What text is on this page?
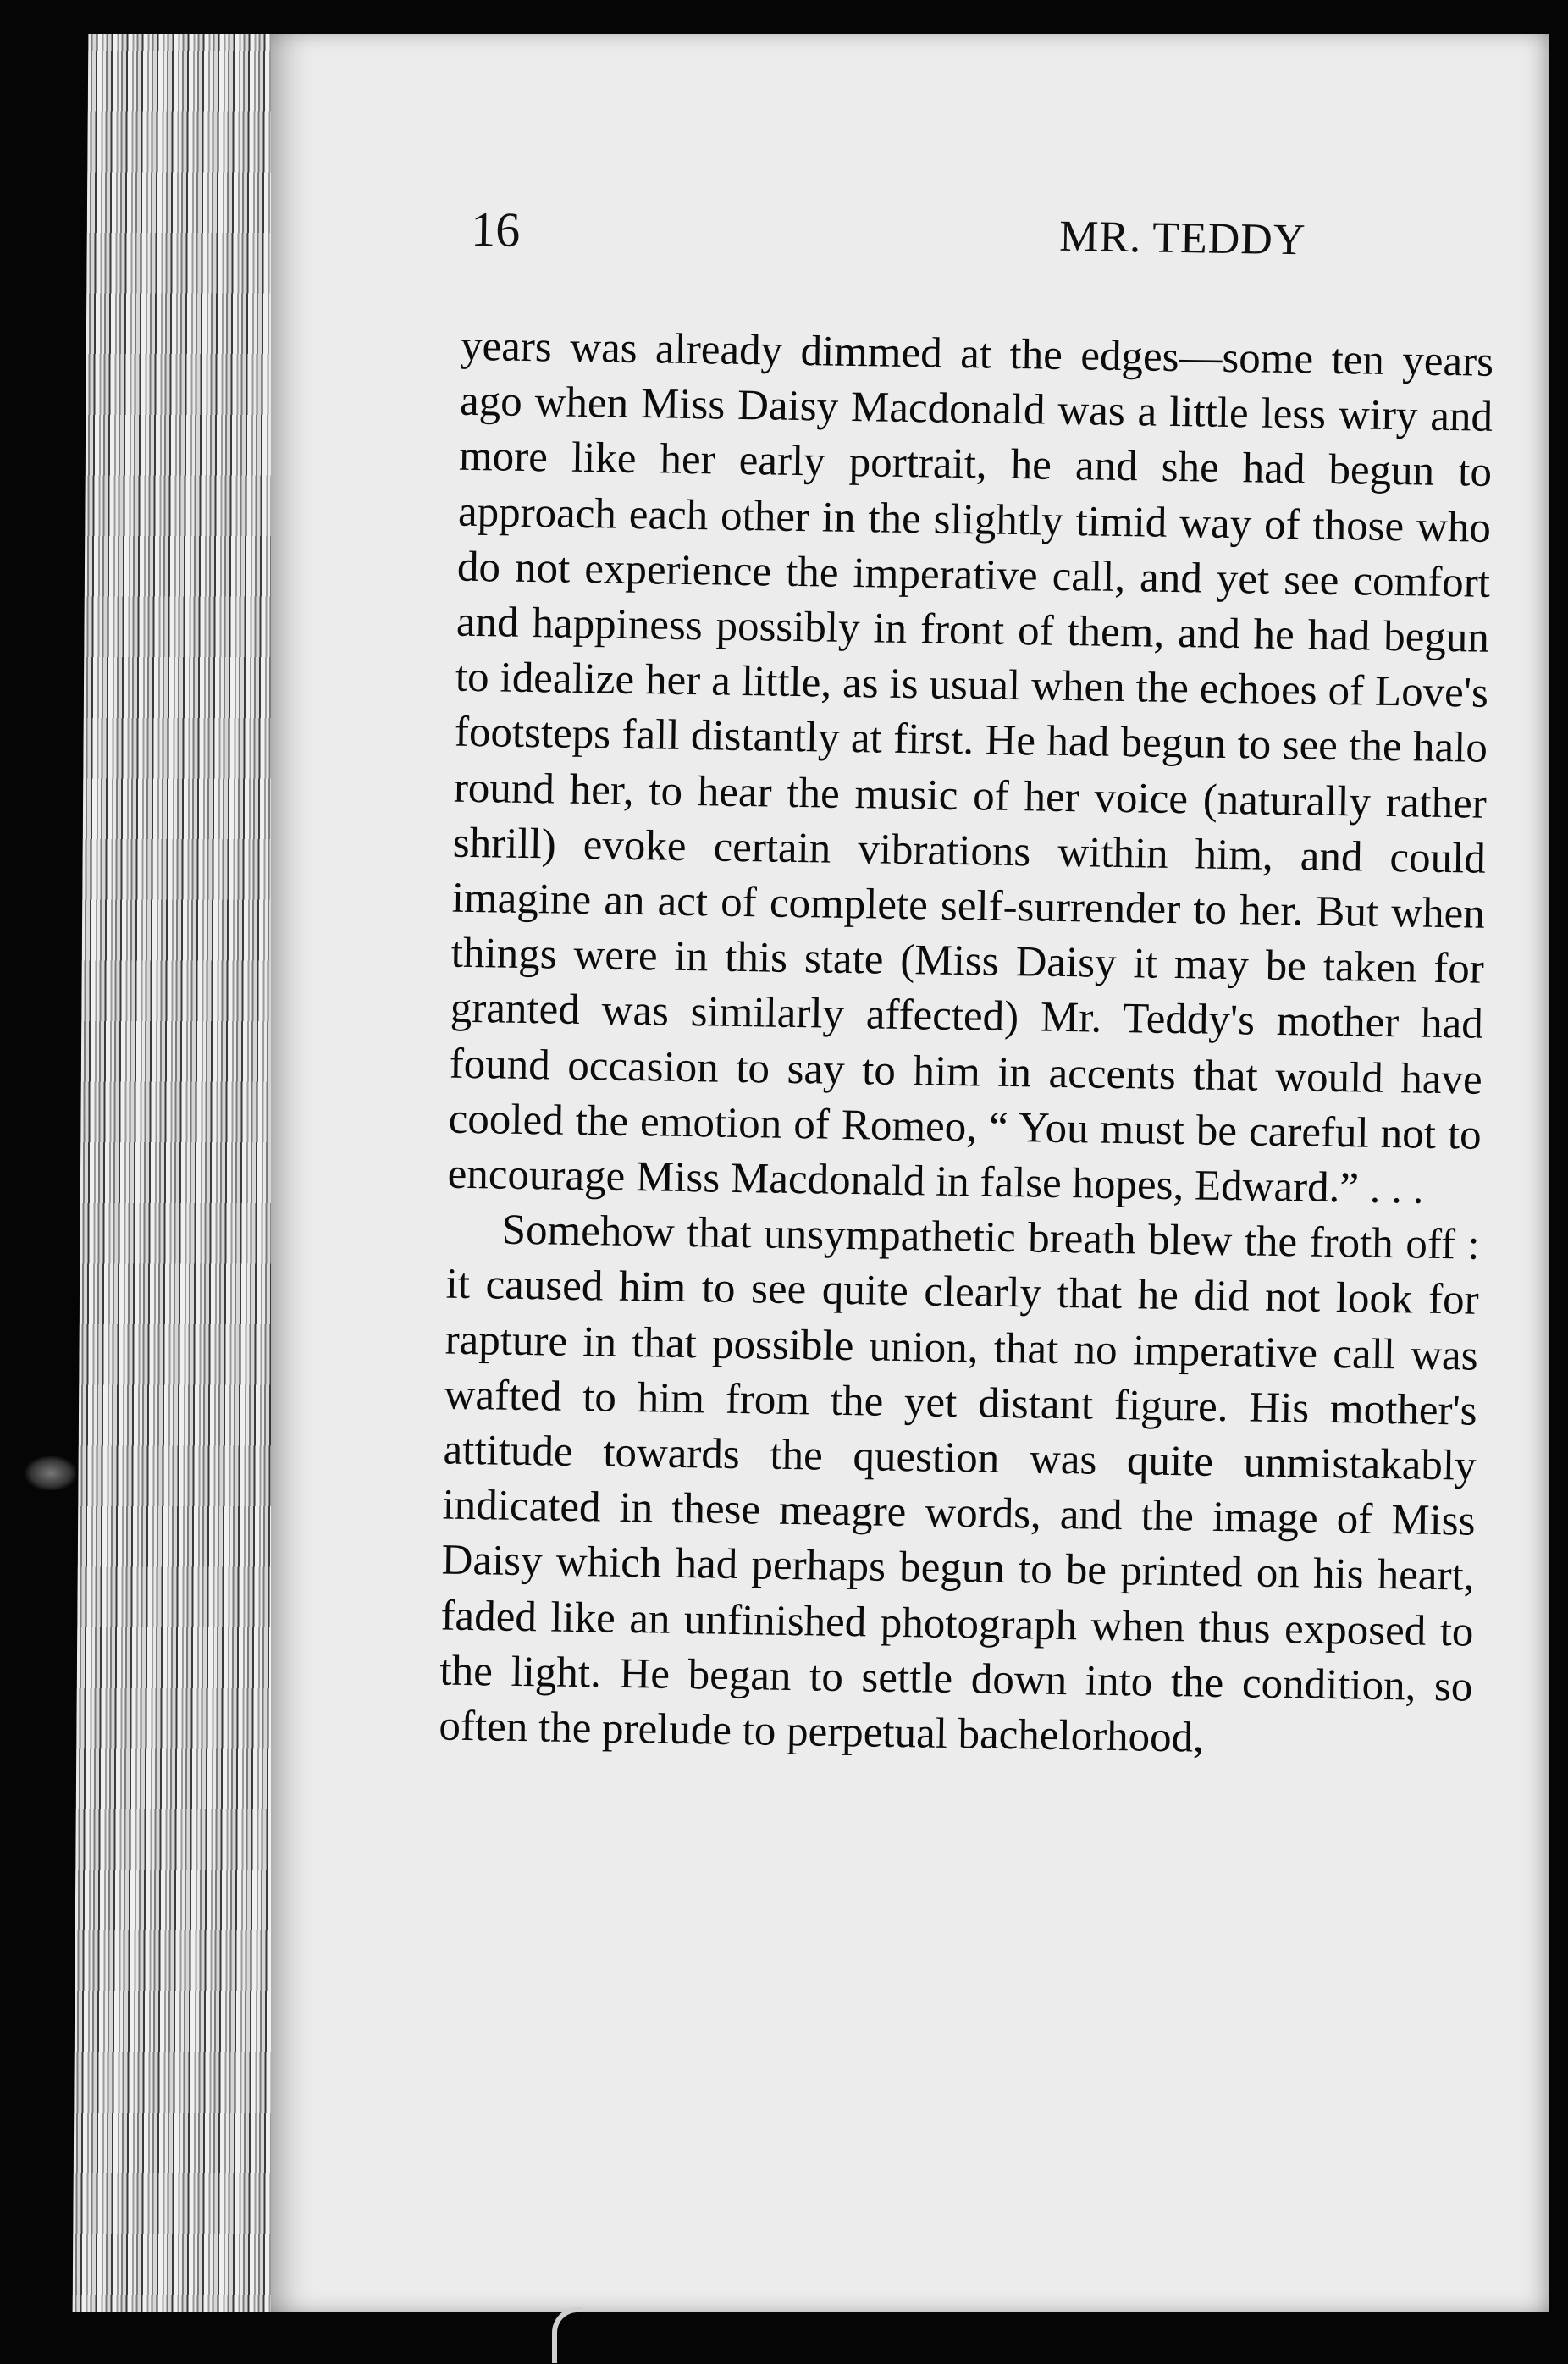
16	MR. TEDDY

years was already dimmed at the edges—some ten years ago when Miss Daisy Macdonald was a little less wiry and more like her early portrait, he and she had begun to approach each other in the slightly timid way of those who do not experience the imperative call, and yet see comfort and happiness possibly in front of them, and he had begun to idealize her a little, as is usual when the echoes of Love's footsteps fall distantly at first. He had begun to see the halo round her, to hear the music of her voice (naturally rather shrill) evoke certain vibrations within him, and could imagine an act of complete self-surrender to her. But when things were in this state (Miss Daisy it may be taken for granted was similarly affected) Mr. Teddy's mother had found occasion to say to him in accents that would have cooled the emotion of Romeo, “ You must be careful not to encourage Miss Macdonald in false hopes, Edward.” . . .

Somehow that unsympathetic breath blew the froth off : it caused him to see quite clearly that he did not look for rapture in that possible union, that no imperative call was wafted to him from the yet distant figure. His mother's attitude towards the question was quite unmistakably indicated in these meagre words, and the image of Miss Daisy which had perhaps begun to be printed on his heart, faded like an unfinished photograph when thus exposed to the light. He began to settle down into the condition, so often the prelude to perpetual bachelorhood,
